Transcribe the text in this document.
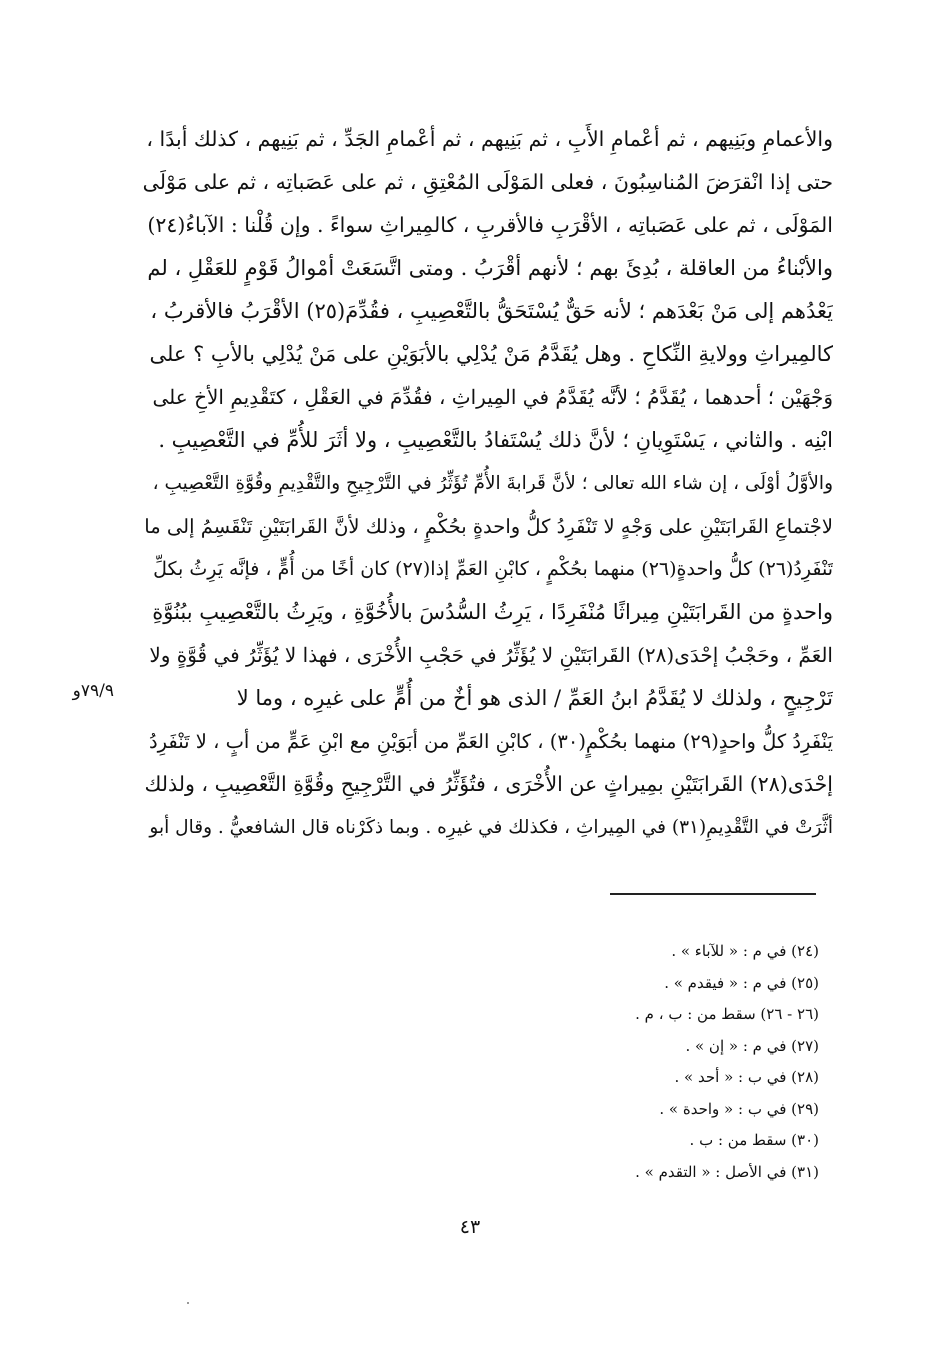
والأعمامِ وبَنِيهم ، ثم أعْمامِ الأَبِ ، ثم بَنِيهم ، ثم أعْمامِ الجَدِّ ، ثم بَنِيهم ، كذلك أبدًا ،
حتى إذا انْقرَضَ المُناسِبُونَ ، فعلى المَوْلَى المُعْتِقِ ، ثم على عَصَباتِه ، ثم على مَوْلَى
المَوْلَى ، ثم على عَصَباتِه ، الأقْرَبِ فالأقربِ ، كالمِيراثِ سواءً . وإن قُلْنا : الآباءُ(٢٤)
والأبْناءُ من العاقلة ، بُدِئَ بهم ؛ لأنهم أقْرَبُ . ومتى اتَّسَعَتْ أمْوالُ قَوْمٍ للعَقْلِ ، لم
يَعْدُهم إلى مَنْ بَعْدَهم ؛ لأنه حَقٌّ يُسْتَحَقُّ بالتَّعْصِيبِ ، فقُدِّمَ(٢٥) الأقْرَبُ فالأقربُ ،
كالمِيراثِ وولايةِ النِّكاحِ . وهل يُقَدَّمُ مَنْ يُدْلِي بالأبَوَيْنِ على مَنْ يُدْلِي بالأبِ ؟ على
وَجْهَيْن ؛ أحدهما ، يُقَدَّمُ ؛ لأنَّه يُقَدَّمُ في المِيراثِ ، فقُدِّمَ في العَقْلِ ، كتَقْدِيمِ الأخِ على
ابْنِه . والثاني ، يَسْتَوِيانِ ؛ لأنَّ ذلك يُسْتَفادُ بالتَّعْصِيبِ ، ولا أثَرَ للأُمِّ في التَّعْصِيبِ .
والأوَّلُ أوْلَى ، إن شاء الله تعالى ؛ لأنَّ قَرابةَ الأُمِّ تُؤَثِّرُ في التَّرْجِيحِ والتَّقْدِيمِ وقُوَّةِ التَّعْصِيبِ ،
لاجْتماعِ القَرابَتَيْنِ على وَجْهٍ لا تَنْفَرِدُ كلُّ واحدةٍ بحُكْمٍ ، وذلك لأنَّ القَرابَتَيْنِ تَنْقَسِمُ إلى ما
تَنْفَرِدُ(٢٦) كلُّ واحدةٍ(٢٦) منهما بحُكْمٍ ، كابْنِ العَمِّ إذا(٢٧) كان أخًا من أُمٍّ ، فإنَّه يَرِثُ بكلِّ
واحدةٍ من القَرابَتَيْنِ مِيراثًا مُنْفَرِدًا ، يَرِثُ السُّدُسَ بالأُخُوَّةِ ، ويَرِثُ بالتَّعْصِيبِ ببُنُوَّةِ
العَمِّ ، وحَجْبُ إحْدَى(٢٨) القَرابَتَيْنِ لا يُؤَثِّرُ في حَجْبِ الأُخْرَى ، فهذا لا يُؤَثِّرُ في قُوَّةٍ ولا
تَرْجِيحٍ ، ولذلك لا يُقَدَّمُ ابنُ العَمِّ / الذى هو أخٌ من أُمٍّ على غيرِه ، وما لا
يَنْفَرِدُ كلُّ واحدٍ(٢٩) منهما بحُكْمٍ(٣٠) ، كابْنِ العَمِّ من أبَوَيْنِ مع ابْنِ عَمٍّ من أبٍ ، لا تَنْفَرِدُ
إحْدَى(٢٨) القَرابَتَيْنِ بمِيراثٍ عن الأُخْرَى ، فتُؤَثِّرُ في التَّرْجِيحِ وقُوَّةِ التَّعْصِيبِ ، ولذلك
أثَّرَتْ في التَّقْدِيمِ(٣١) في المِيراثِ ، فكذلك في غيرِه . وبما ذكَرْناه قال الشافعيُّ . وقال أبو
٧٩/٩و
(٢٤) في م : « للآباء » .
(٢٥) في م : « فيقدم » .
(٢٦ - ٢٦) سقط من : ب ، م .
(٢٧) في م : « إن » .
(٢٨) في ب : « أحد » .
(٢٩) في ب : « واحدة » .
(٣٠) سقط من : ب .
(٣١) في الأصل : « التقدم » .
٤٣
